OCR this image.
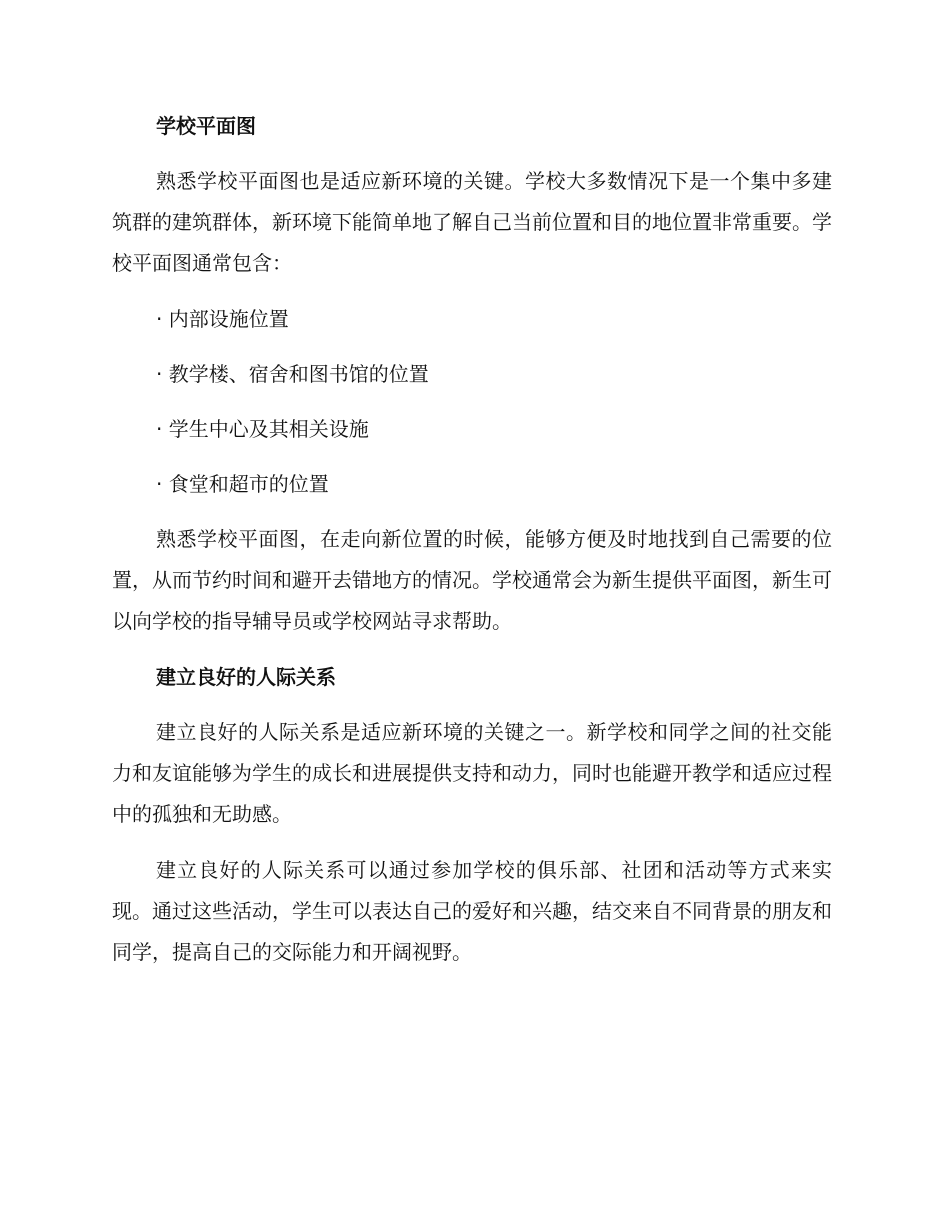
学校平面图

熟悉学校平面图也是适应新环境的关键。学校大多数情况下是一个集中多建筑群的建筑群体，新环境下能简单地了解自己当前位置和目的地位置非常重要。学校平面图通常包含：

· 内部设施位置
· 教学楼、宿舍和图书馆的位置
· 学生中心及其相关设施
· 食堂和超市的位置

熟悉学校平面图，在走向新位置的时候，能够方便及时地找到自己需要的位置，从而节约时间和避开去错地方的情况。学校通常会为新生提供平面图，新生可以向学校的指导辅导员或学校网站寻求帮助。

建立良好的人际关系

建立良好的人际关系是适应新环境的关键之一。新学校和同学之间的社交能力和友谊能够为学生的成长和进展提供支持和动力，同时也能避开教学和适应过程中的孤独和无助感。

建立良好的人际关系可以通过参加学校的俱乐部、社团和活动等方式来实现。通过这些活动，学生可以表达自己的爱好和兴趣，结交来自不同背景的朋友和同学，提高自己的交际能力和开阔视野。
